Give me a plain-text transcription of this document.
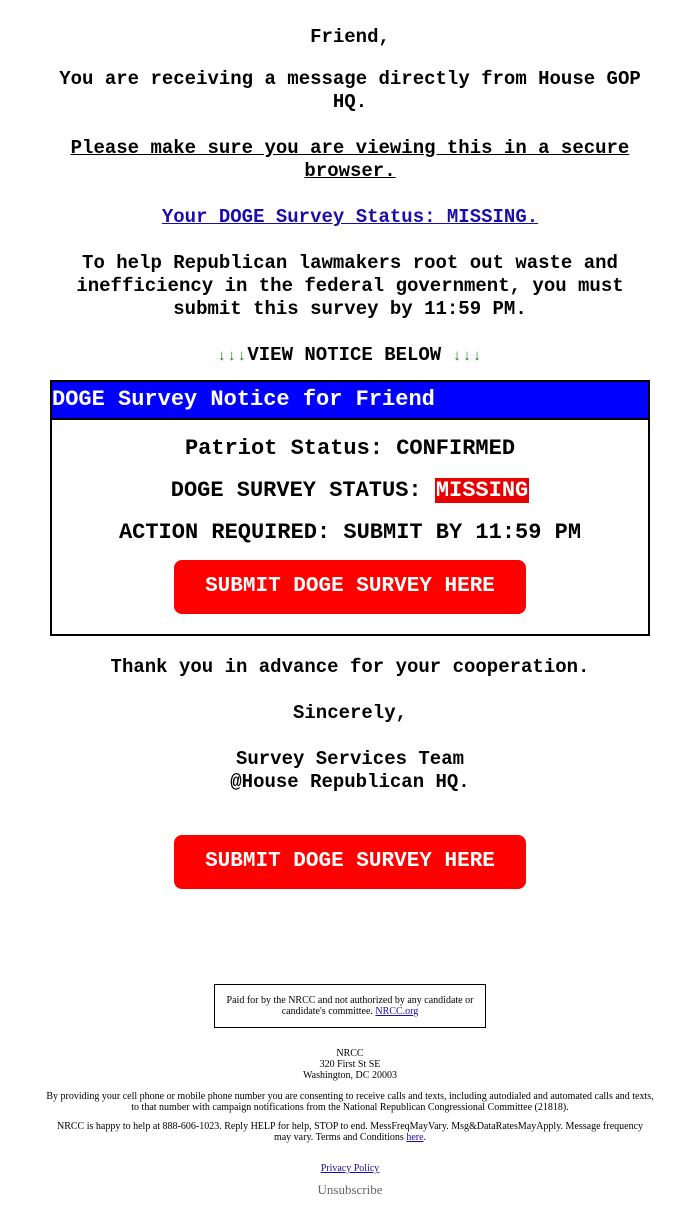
Friend,

You are receiving a message directly from House GOP HQ.

Please make sure you are viewing this in a secure browser.

Your DOGE Survey Status: MISSING.

To help Republican lawmakers root out waste and inefficiency in the federal government, you must submit this survey by 11:59 PM.

↓↓↓VIEW NOTICE BELOW ↓↓↓

DOGE Survey Notice for Friend

Patriot Status: CONFIRMED

DOGE SURVEY STATUS: MISSING

ACTION REQUIRED: SUBMIT BY 11:59 PM

SUBMIT DOGE SURVEY HERE

Thank you in advance for your cooperation.

Sincerely,

Survey Services Team

@House Republican HQ.

SUBMIT DOGE SURVEY HERE
Paid for by the NRCC and not authorized by any candidate or candidate's committee. NRCC.org
NRCC
320 First St SE
Washington, DC 20003
By providing your cell phone or mobile phone number you are consenting to receive calls and texts, including autodialed and automated calls and texts, to that number with campaign notifications from the National Republican Congressional Committee (21818).
NRCC is happy to help at 888-606-1023. Reply HELP for help, STOP to end. MessFreqMayVary. Msg&DataRatesMayApply. Message frequency may vary. Terms and Conditions here.
Privacy Policy
Unsubscribe
